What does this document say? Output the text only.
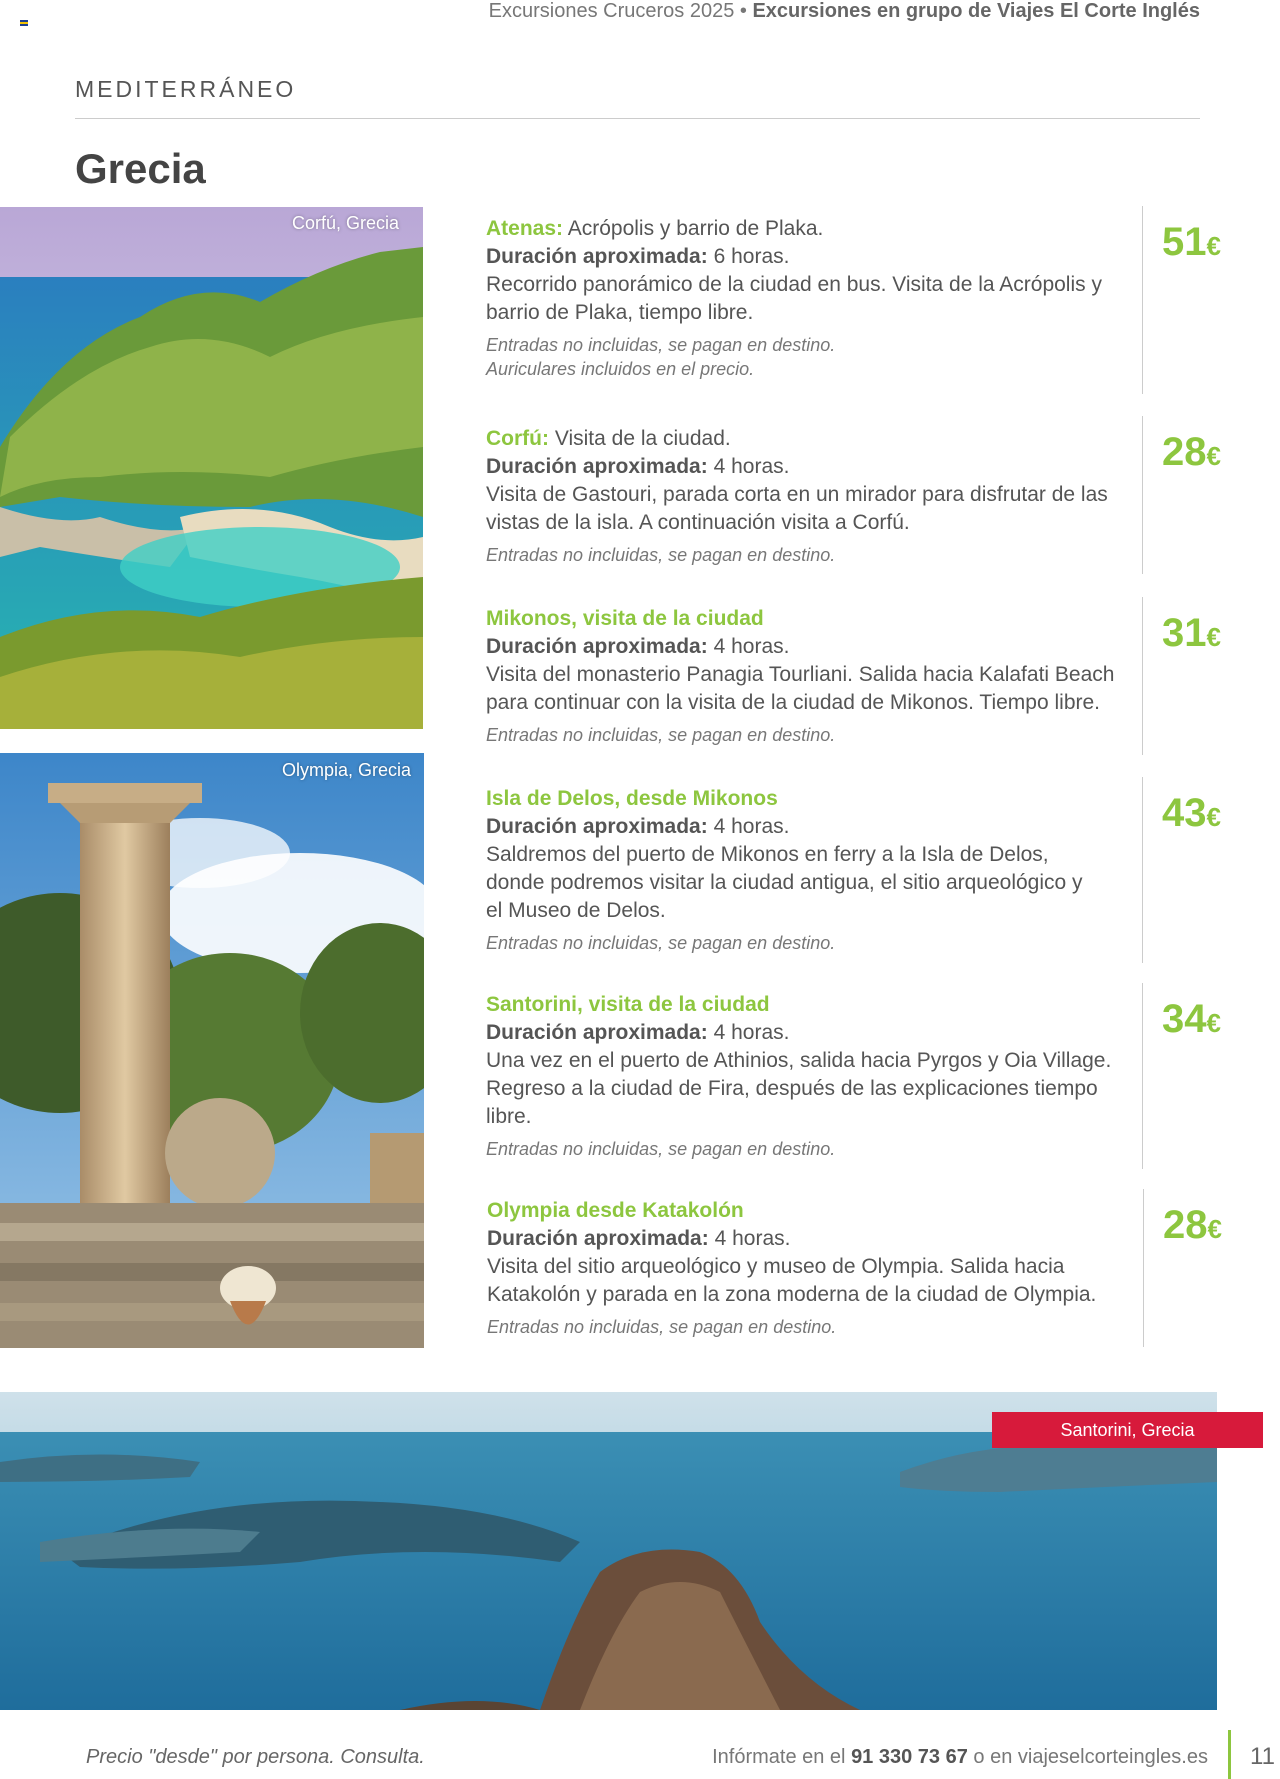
Excursiones Cruceros 2025 • Excursiones en grupo de Viajes El Corte Inglés
MEDITERRÁNEO
Grecia
Corfú, Grecia
Olympia, Grecia
Atenas: Acrópolis y barrio de Plaka.
Duración aproximada: 6 horas.
Recorrido panorámico de la ciudad en bus. Visita de la Acrópolis y barrio de Plaka, tiempo libre.
Entradas no incluidas, se pagan en destino.
Auriculares incluidos en el precio.
51€
Corfú: Visita de la ciudad.
Duración aproximada: 4 horas.
Visita de Gastouri, parada corta en un mirador para disfrutar de las vistas de la isla. A continuación visita a Corfú.
Entradas no incluidas, se pagan en destino.
28€
Mikonos, visita de la ciudad
Duración aproximada: 4 horas.
Visita del monasterio Panagia Tourliani. Salida hacia Kalafati Beach para continuar con la visita de la ciudad de Mikonos. Tiempo libre.
Entradas no incluidas, se pagan en destino.
31€
Isla de Delos, desde Mikonos
Duración aproximada: 4 horas.
Saldremos del puerto de Mikonos en ferry a la Isla de Delos, donde podremos visitar la ciudad antigua, el sitio arqueológico y el Museo de Delos.
Entradas no incluidas, se pagan en destino.
43€
Santorini, visita de la ciudad
Duración aproximada: 4 horas.
Una vez en el puerto de Athinios, salida hacia Pyrgos y Oia Village. Regreso a la ciudad de Fira, después de las explicaciones tiempo libre.
Entradas no incluidas, se pagan en destino.
34€
Olympia desde Katakolón
Duración aproximada: 4 horas.
Visita del sitio arqueológico y museo de Olympia. Salida hacia Katakolón y parada en la zona moderna de la ciudad de Olympia.
Entradas no incluidas, se pagan en destino.
28€
Santorini, Grecia
Precio "desde" por persona. Consulta.	Infórmate en el 91 330 73 67 o en viajeselcorteingles.es 11
